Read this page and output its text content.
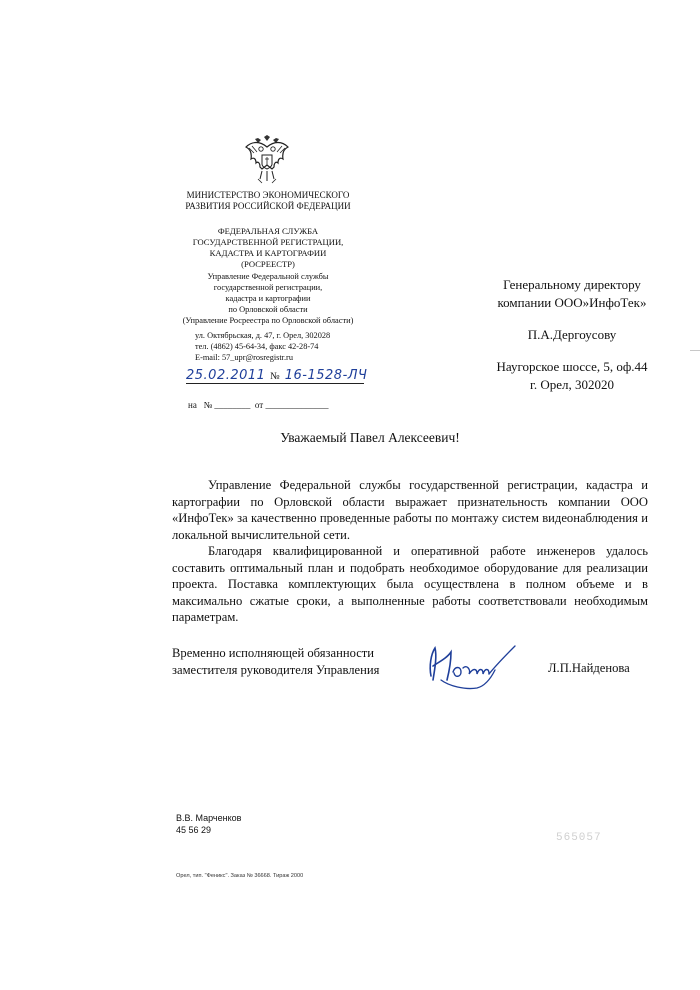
МИНИСТЕРСТВО ЭКОНОМИЧЕСКОГО
РАЗВИТИЯ РОССИЙСКОЙ ФЕДЕРАЦИИ
ФЕДЕРАЛЬНАЯ СЛУЖБА
ГОСУДАРСТВЕННОЙ РЕГИСТРАЦИИ,
КАДАСТРА И КАРТОГРАФИИ
(РОСРЕЕСТР)
Управление Федеральной службы
государственной регистрации,
кадастра и картографии
по Орловской области
(Управление Росреестра по Орловской области)
ул. Октябрьская, д. 47, г. Орел, 302028
тел. (4862) 45-64-34, факс 42-28-74
E-mail: 57_upr@rosregistr.ru
25.02.2011 № 16-1528-ЛЧ
на № ________ от ______________
Генеральному директору
компании ООО»ИнфоТек»
П.А.Дергоусову
Наугорское шоссе, 5, оф.44
г. Орел, 302020
Уважаемый Павел Алексеевич!

Управление Федеральной службы государственной регистрации, кадастра и картографии по Орловской области выражает признательность компании ООО «ИнфоТек» за качественно проведенные работы по монтажу систем видеонаблюдения и локальной вычислительной сети.

Благодаря квалифицированной и оперативной работе инженеров удалось составить оптимальный план и подобрать необходимое оборудование для реализации проекта. Поставка комплектующих была осуществлена в полном объеме и в максимально сжатые сроки, а выполненные работы соответствовали необходимым параметрам.

Временно исполняющей обязанности
заместителя руководителя Управления	Л.П.Найденова
В.В. Марченков
45 56 29
Орел, тип. "Феникс". Заказ № 36668. Тираж 2000
565057
